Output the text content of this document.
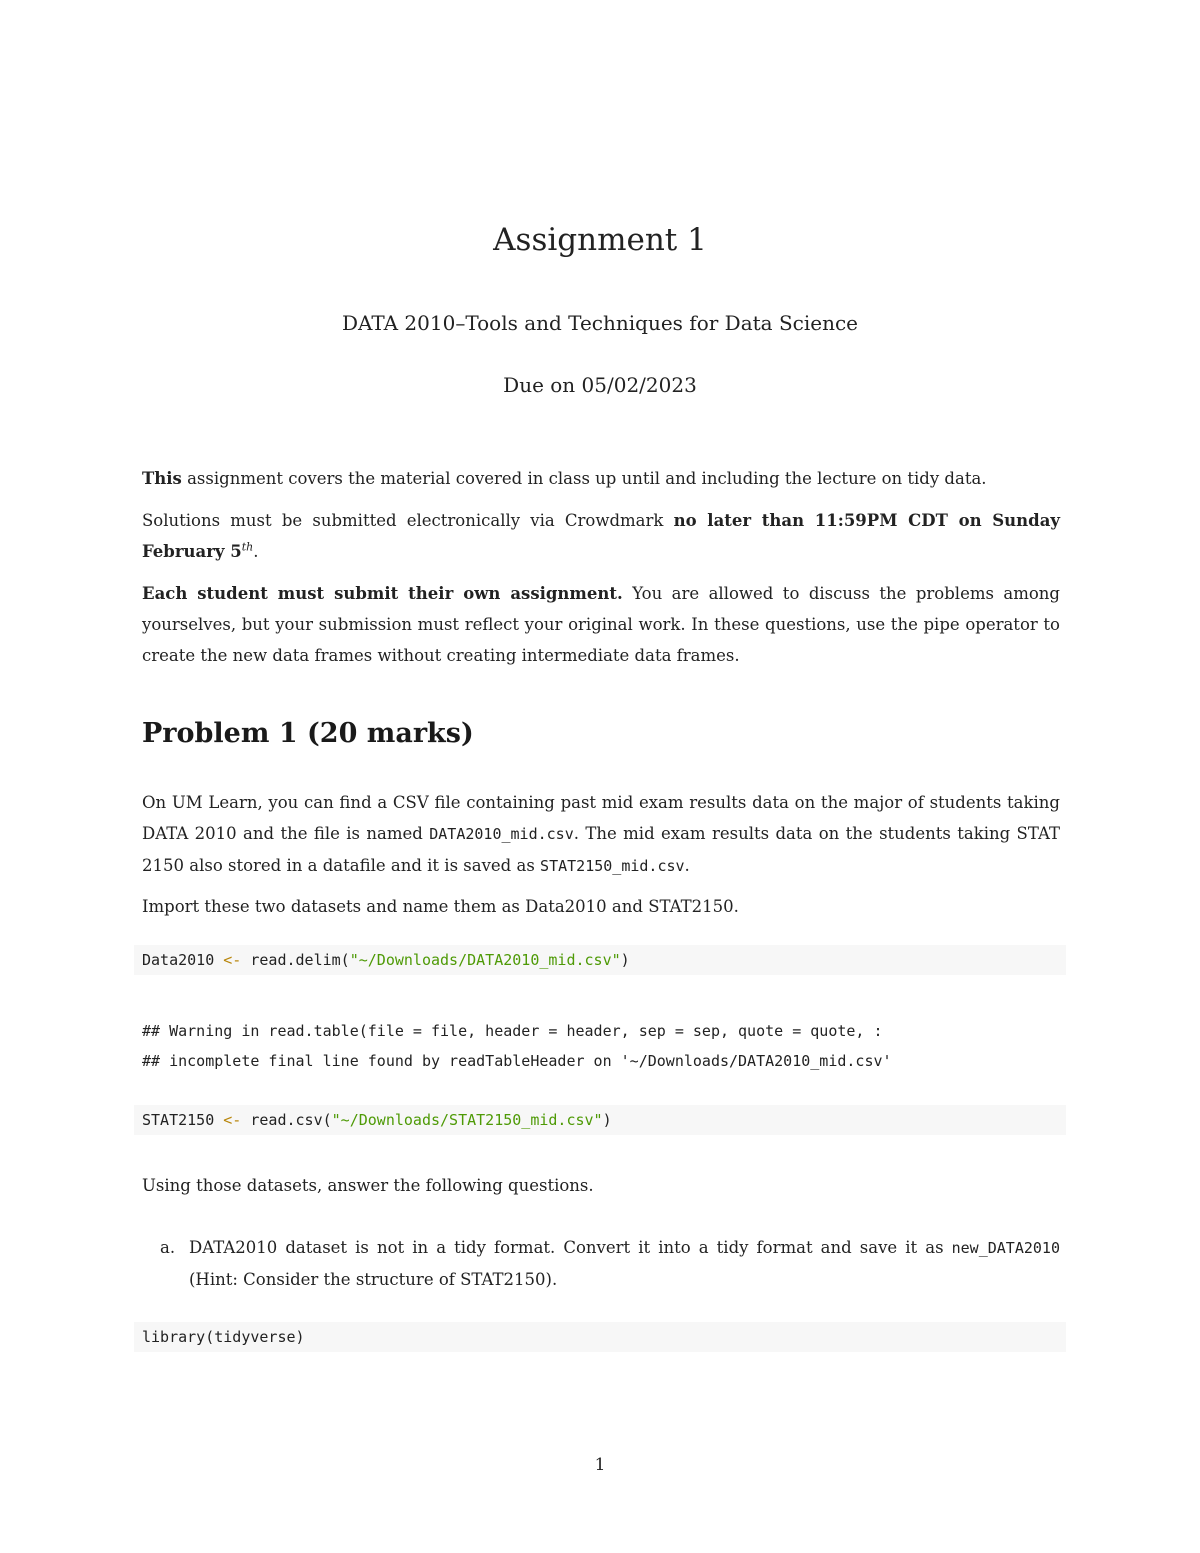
Assignment 1

DATA 2010–Tools and Techniques for Data Science

Due on 05/02/2023

This assignment covers the material covered in class up until and including the lecture on tidy data.

Solutions must be submitted electronically via Crowdmark no later than 11:59PM CDT on Sunday February 5th.

Each student must submit their own assignment. You are allowed to discuss the problems among yourselves, but your submission must reflect your original work. In these questions, use the pipe operator to create the new data frames without creating intermediate data frames.

Problem 1 (20 marks)

On UM Learn, you can find a CSV file containing past mid exam results data on the major of students taking DATA 2010 and the file is named DATA2010_mid.csv. The mid exam results data on the students taking STAT 2150 also stored in a datafile and it is saved as STAT2150_mid.csv.

Import these two datasets and name them as Data2010 and STAT2150.

Data2010 <- read.delim("~/Downloads/DATA2010_mid.csv")
## Warning in read.table(file = file, header = header, sep = sep, quote = quote, :
## incomplete final line found by readTableHeader on '~/Downloads/DATA2010_mid.csv'
STAT2150 <- read.csv("~/Downloads/STAT2150_mid.csv")

Using those datasets, answer the following questions.

a. DATA2010 dataset is not in a tidy format. Convert it into a tidy format and save it as new_DATA2010 (Hint: Consider the structure of STAT2150).
library(tidyverse)

1
